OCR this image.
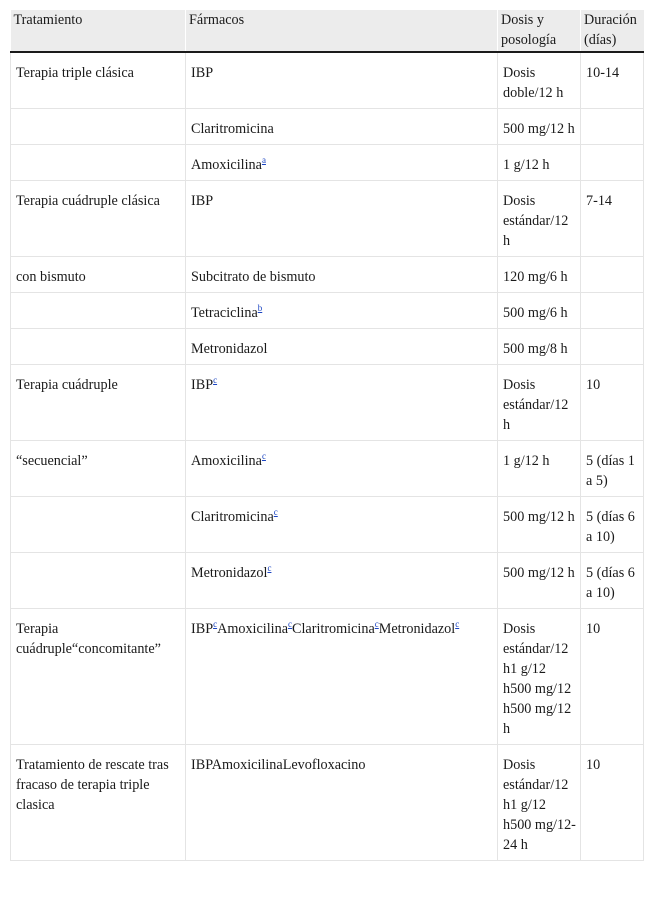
Tratamiento	Fármacos	Dosis y posología	Duración (días)
Terapia triple clásica	IBP	Dosis doble/12 h	10-14
	Claritromicina	500 mg/12 h	
	Amoxicilina$^a$	1 g/12 h	
Terapia cuádruple clásica	IBP	Dosis estándar/12 h	7-14
con bismuto	Subcitrato de bismuto	120 mg/6 h	
	Tetraciclina$^b$	500 mg/6 h	
	Metronidazol	500 mg/8 h	
Terapia cuádruple	IBP$^c$	Dosis estándar/12 h	10
“secuencial”	Amoxicilina$^c$	1 g/12 h	5 (días 1 a 5)
	Claritromicina$^c$	500 mg/12 h	5 (días 6 a 10)
	Metronidazol$^c$	500 mg/12 h	5 (días 6 a 10)
Terapia cuádruple“concomitante”	IBP$^c$Amoxicilina$^c$Claritromicina$^c$Metronidazol$^c$	Dosis estándar/12 h1 g/12 h500 mg/12 h500 mg/12 h	10
Tratamiento de rescate tras fracaso de terapia triple clasica	IBPAmoxicilinaLevofloxacino	Dosis estándar/12 h1 g/12 h500 mg/12-24 h	10
